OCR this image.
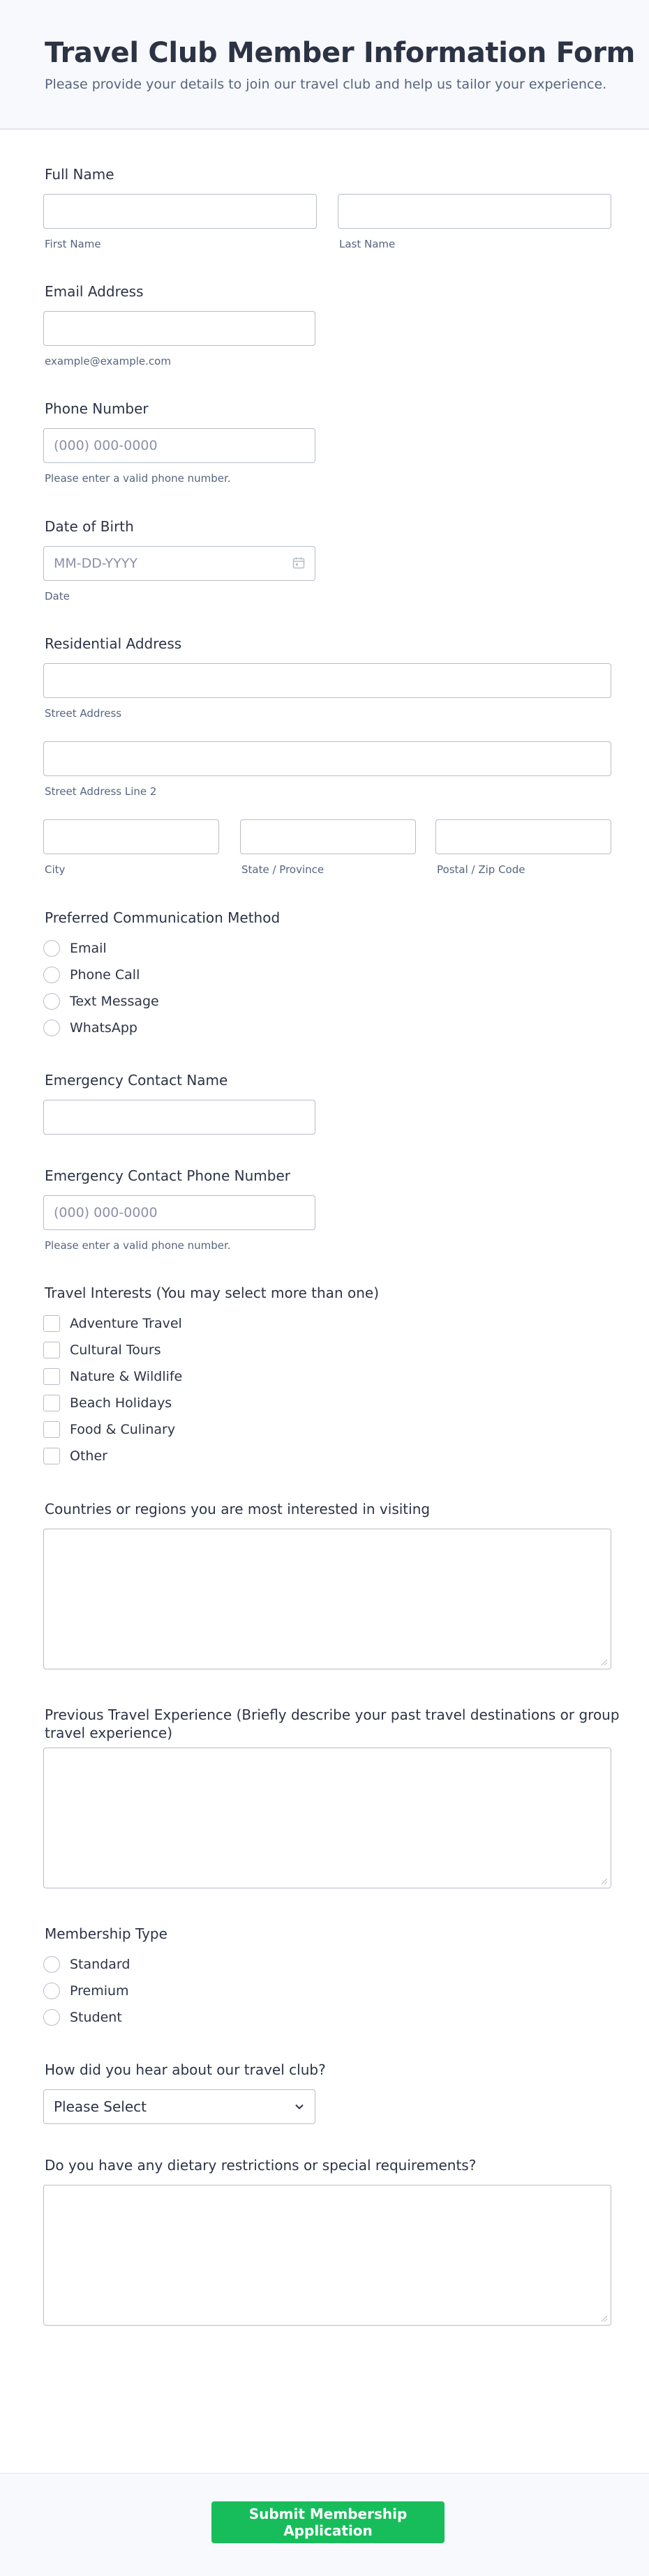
Travel Club Member Information Form

Please provide your details to join our travel club and help us tailor your experience.

Full Name
First Name	Last Name
Email Address
example@example.com
Phone Number
(000) 000-0000
Please enter a valid phone number.
Date of Birth
MM-DD-YYYY
Date
Residential Address
Street Address
Street Address Line 2
City	State / Province	Postal / Zip Code
Preferred Communication Method
Email
Phone Call
Text Message
WhatsApp
Emergency Contact Name
Emergency Contact Phone Number
(000) 000-0000
Please enter a valid phone number.
Travel Interests (You may select more than one)
Adventure Travel
Cultural Tours
Nature & Wildlife
Beach Holidays
Food & Culinary
Other
Countries or regions you are most interested in visiting
Previous Travel Experience (Briefly describe your past travel destinations or group
travel experience)
Membership Type
Standard
Premium
Student
How did you hear about our travel club?
Please Select
Do you have any dietary restrictions or special requirements?
Submit Membership Application
